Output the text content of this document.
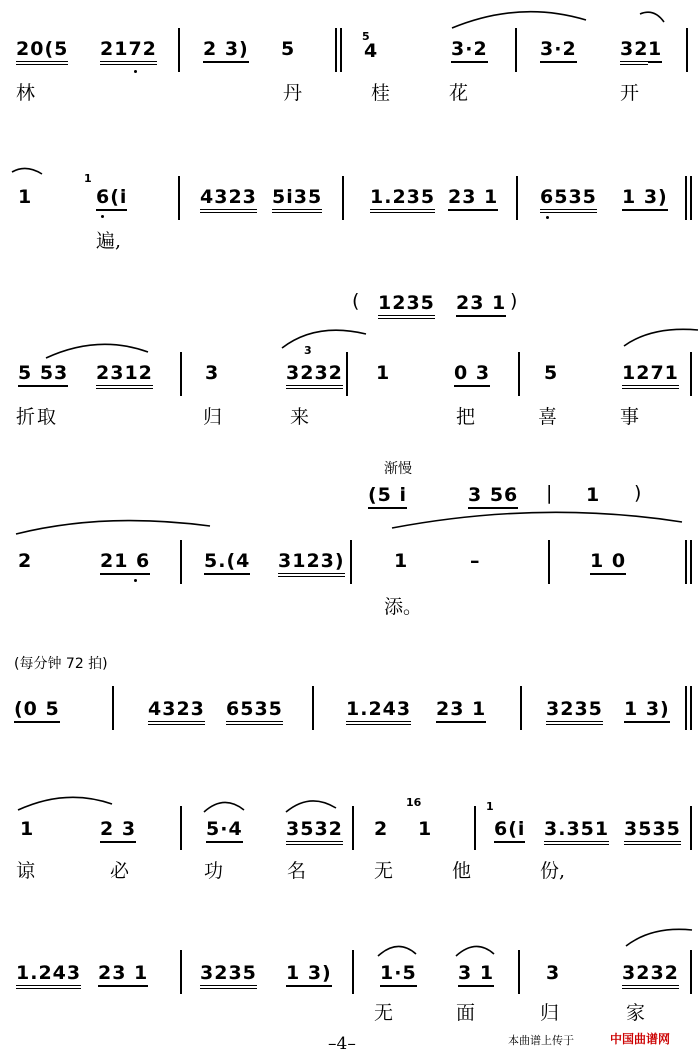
20(5 2172 2 3) 5
5
4	3·2	3·2 32 1
林	丹	桂	花	开
1
1
6(i	4323 5i35	1.235 23 1 6535 1 3)
遍,
( 1235 23 1 )
5 53 2312	3
3
3232 1	0 3	5	1271
折取	归	来	把	喜	事
渐慢
(5 i	3 56 | 1 )
2	21 6	5.(4 3123)	1	–	1 0
添。
(每分钟 72 拍)
(0 5	4323 6535	1.243 23 1	3235 1 3)
1	2 3	5·4 3532 2
16
1
1
6(i 3.351 3535
谅	必	功	名	无	他	份,
1.243 23 1	3235 1 3)	1·5 3 1	3	3232
无	面	归	家
–4–	本曲谱上传于	中国曲谱网
